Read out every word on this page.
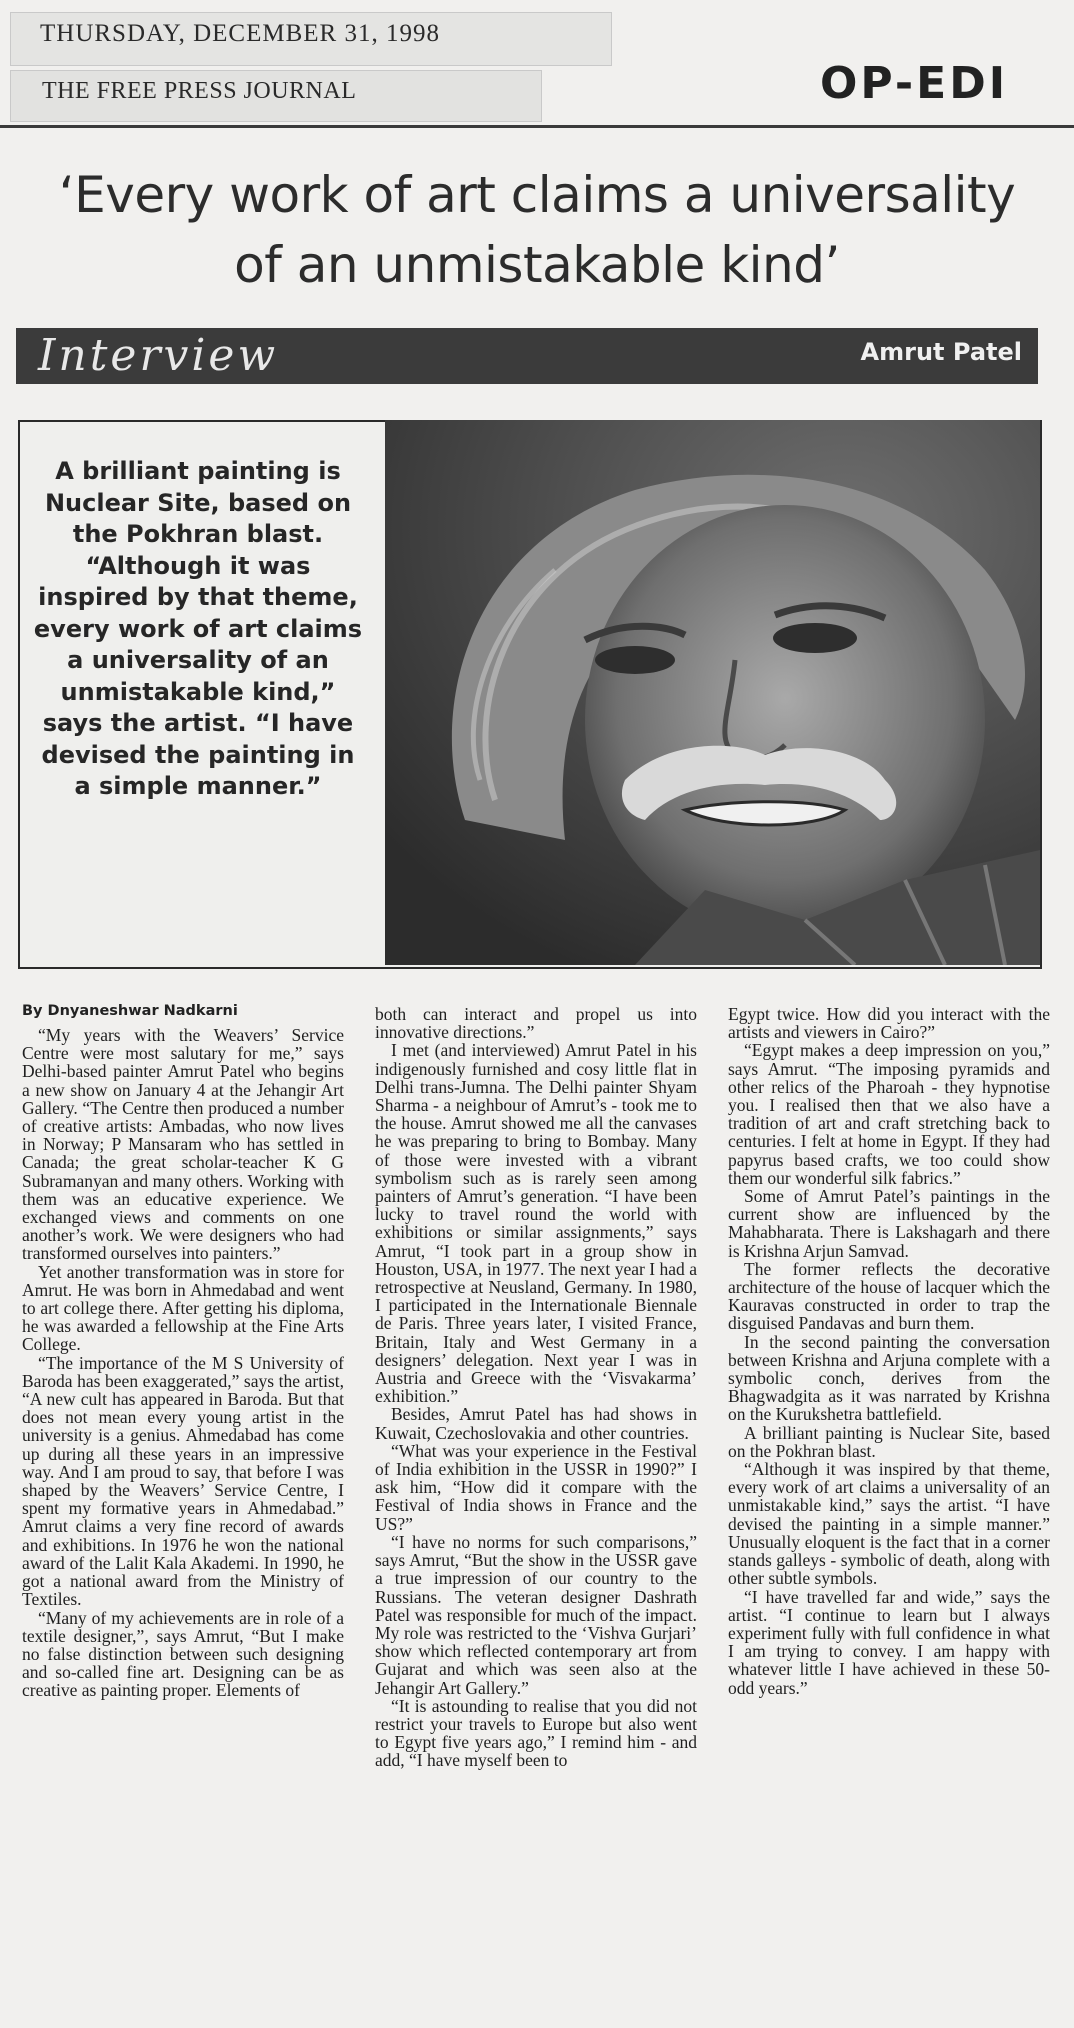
THURSDAY, DECEMBER 31, 1998
THE FREE PRESS JOURNAL	OP-EDI
‘Every work of art claims a universality
of an unmistakable kind’
Interview	Amrut Patel
A brilliant painting is Nuclear Site, based on the Pokhran blast. “Although it was inspired by that theme, every work of art claims a universality of an unmistakable kind,” says the artist. “I have devised the painting in a simple manner.”
By Dnyaneshwar Nadkarni

“My years with the Weavers’ Service Centre were most salutary for me,” says Delhi-based painter Amrut Patel who begins a new show on January 4 at the Jehangir Art Gallery. “The Centre then produced a number of creative artists: Ambadas, who now lives in Norway; P Mansaram who has settled in Canada; the great scholar-teacher K G Subramanyan and many others. Working with them was an educative experience. We exchanged views and comments on one another’s work. We were designers who had transformed ourselves into painters.”

Yet another transformation was in store for Amrut. He was born in Ahmedabad and went to art college there. After getting his diploma, he was awarded a fellowship at the Fine Arts College.

“The importance of the M S University of Baroda has been exaggerated,” says the artist, “A new cult has appeared in Baroda. But that does not mean every young artist in the university is a genius. Ahmedabad has come up during all these years in an impressive way. And I am proud to say, that before I was shaped by the Weavers’ Service Centre, I spent my formative years in Ahmedabad.” Amrut claims a very fine record of awards and exhibitions. In 1976 he won the national award of the Lalit Kala Akademi. In 1990, he got a national award from the Ministry of Textiles.

“Many of my achievements are in role of a textile designer,”, says Amrut, “But I make no false distinction between such designing and so-called fine art. Designing can be as creative as painting proper. Elements of

both can interact and propel us into innovative directions.”

I met (and interviewed) Amrut Patel in his indigenously furnished and cosy little flat in Delhi trans-Jumna. The Delhi painter Shyam Sharma - a neighbour of Amrut’s - took me to the house. Amrut showed me all the canvases he was preparing to bring to Bombay. Many of those were invested with a vibrant symbolism such as is rarely seen among painters of Amrut’s generation. “I have been lucky to travel round the world with exhibitions or similar assignments,” says Amrut, “I took part in a group show in Houston, USA, in 1977. The next year I had a retrospective at Neusland, Germany. In 1980, I participated in the Internationale Biennale de Paris. Three years later, I visited France, Britain, Italy and West Germany in a designers’ delegation. Next year I was in Austria and Greece with the ‘Visvakarma’ exhibition.”

Besides, Amrut Patel has had shows in Kuwait, Czechoslovakia and other countries.

“What was your experience in the Festival of India exhibition in the USSR in 1990?” I ask him, “How did it compare with the Festival of India shows in France and the US?”

“I have no norms for such comparisons,” says Amrut, “But the show in the USSR gave a true impression of our country to the Russians. The veteran designer Dashrath Patel was responsible for much of the impact. My role was restricted to the ‘Vishva Gurjari’ show which reflected contemporary art from Gujarat and which was seen also at the Jehangir Art Gallery.”

“It is astounding to realise that you did not restrict your travels to Europe but also went to Egypt five years ago,” I remind him - and add, “I have myself been to

Egypt twice. How did you interact with the artists and viewers in Cairo?”

“Egypt makes a deep impression on you,” says Amrut. “The imposing pyramids and other relics of the Pharoah - they hypnotise you. I realised then that we also have a tradition of art and craft stretching back to centuries. I felt at home in Egypt. If they had papyrus based crafts, we too could show them our wonderful silk fabrics.”

Some of Amrut Patel’s paintings in the current show are influenced by the Mahabharata. There is Lakshagarh and there is Krishna Arjun Samvad.

The former reflects the decorative architecture of the house of lacquer which the Kauravas constructed in order to trap the disguised Pandavas and burn them.

In the second painting the conversation between Krishna and Arjuna complete with a symbolic conch, derives from the Bhagwadgita as it was narrated by Krishna on the Kurukshetra battlefield.

A brilliant painting is Nuclear Site, based on the Pokhran blast.

“Although it was inspired by that theme, every work of art claims a universality of an unmistakable kind,” says the artist. “I have devised the painting in a simple manner.” Unusually eloquent is the fact that in a corner stands galleys - symbolic of death, along with other subtle symbols.

“I have travelled far and wide,” says the artist. “I continue to learn but I always experiment fully with full confidence in what I am trying to convey. I am happy with whatever little I have achieved in these 50-odd years.”
